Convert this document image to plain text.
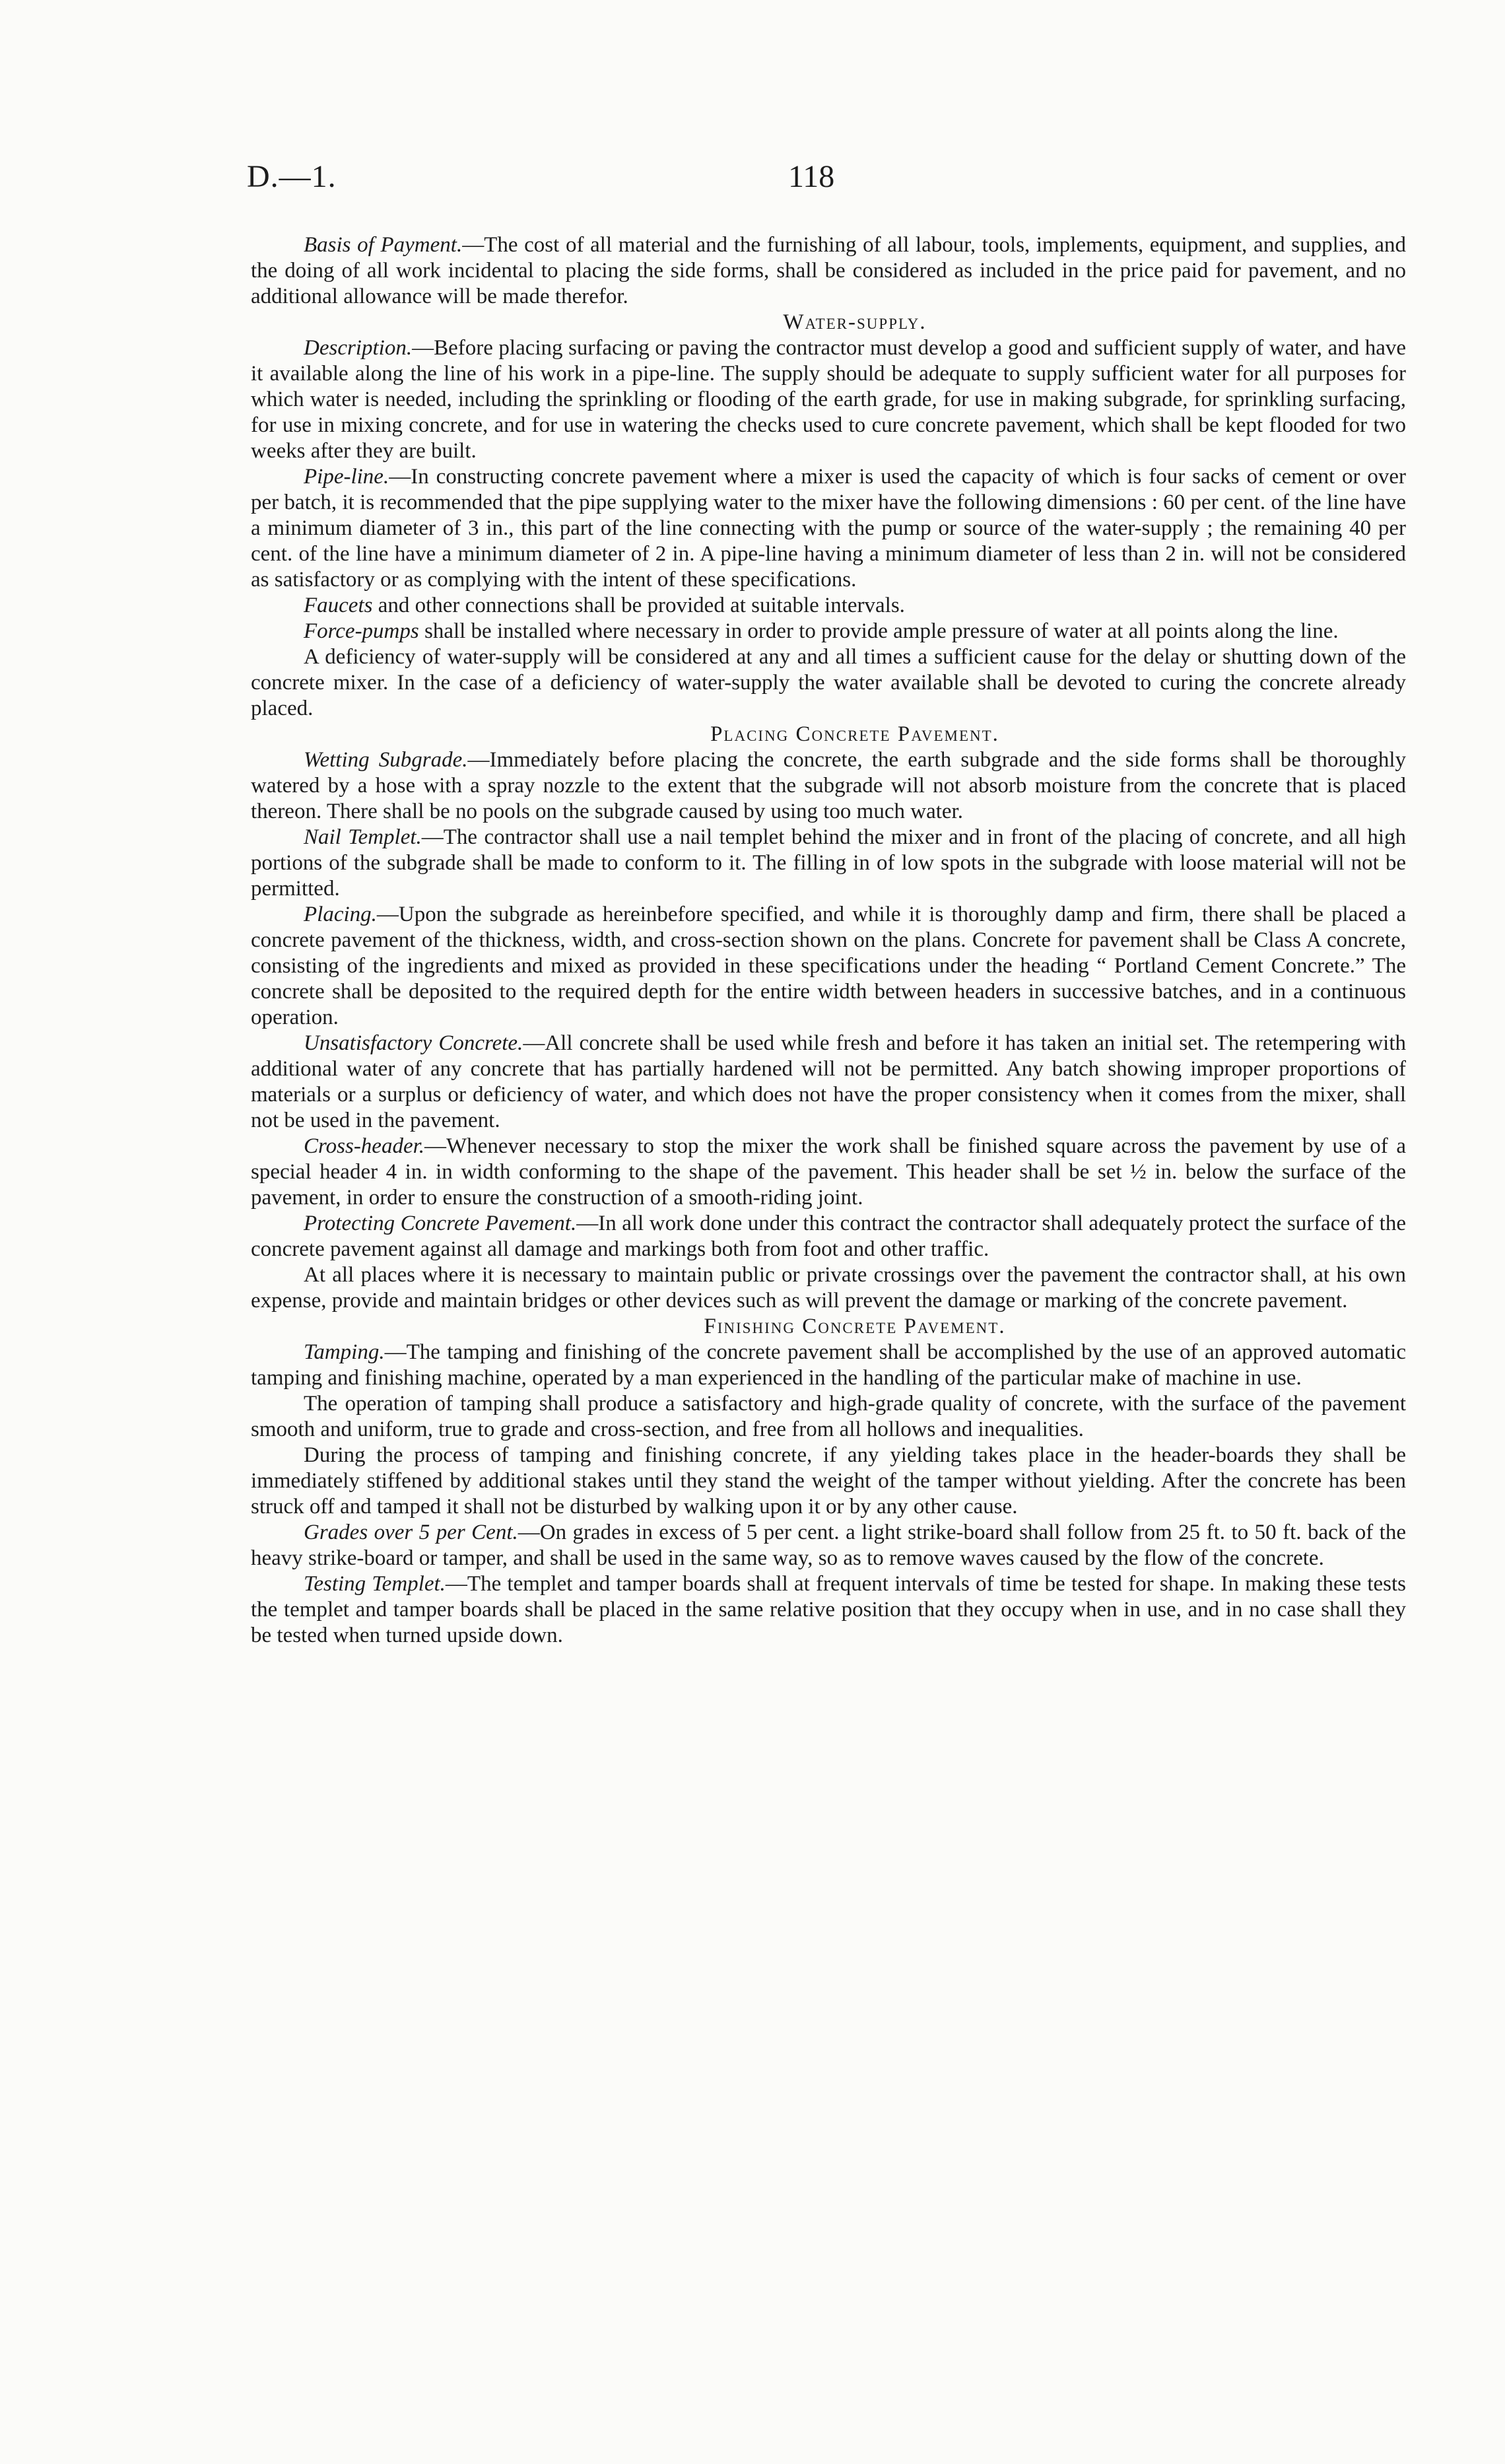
D.—1.	118

Basis of Payment.—The cost of all material and the furnishing of all labour, tools, implements, equipment, and supplies, and the doing of all work incidental to placing the side forms, shall be considered as included in the price paid for pavement, and no additional allowance will be made therefor.

Water-supply.

Description.—Before placing surfacing or paving the contractor must develop a good and sufficient supply of water, and have it available along the line of his work in a pipe-line. The supply should be adequate to supply sufficient water for all purposes for which water is needed, including the sprinkling or flooding of the earth grade, for use in making subgrade, for sprinkling surfacing, for use in mixing concrete, and for use in watering the checks used to cure concrete pavement, which shall be kept flooded for two weeks after they are built.

Pipe-line.—In constructing concrete pavement where a mixer is used the capacity of which is four sacks of cement or over per batch, it is recommended that the pipe supplying water to the mixer have the following dimensions : 60 per cent. of the line have a minimum diameter of 3 in., this part of the line connecting with the pump or source of the water-supply ; the remaining 40 per cent. of the line have a minimum diameter of 2 in. A pipe-line having a minimum diameter of less than 2 in. will not be considered as satisfactory or as complying with the intent of these specifications.

Faucets and other connections shall be provided at suitable intervals.

Force-pumps shall be installed where necessary in order to provide ample pressure of water at all points along the line.

A deficiency of water-supply will be considered at any and all times a sufficient cause for the delay or shutting down of the concrete mixer. In the case of a deficiency of water-supply the water available shall be devoted to curing the concrete already placed.

Placing Concrete Pavement.

Wetting Subgrade.—Immediately before placing the concrete, the earth subgrade and the side forms shall be thoroughly watered by a hose with a spray nozzle to the extent that the subgrade will not absorb moisture from the concrete that is placed thereon. There shall be no pools on the subgrade caused by using too much water.

Nail Templet.—The contractor shall use a nail templet behind the mixer and in front of the placing of concrete, and all high portions of the subgrade shall be made to conform to it. The filling in of low spots in the subgrade with loose material will not be permitted.

Placing.—Upon the subgrade as hereinbefore specified, and while it is thoroughly damp and firm, there shall be placed a concrete pavement of the thickness, width, and cross-section shown on the plans. Concrete for pavement shall be Class A concrete, consisting of the ingredients and mixed as provided in these specifications under the heading “ Portland Cement Concrete.” The concrete shall be deposited to the required depth for the entire width between headers in successive batches, and in a continuous operation.

Unsatisfactory Concrete.—All concrete shall be used while fresh and before it has taken an initial set. The retempering with additional water of any concrete that has partially hardened will not be permitted. Any batch showing improper proportions of materials or a surplus or deficiency of water, and which does not have the proper consistency when it comes from the mixer, shall not be used in the pavement.

Cross-header.—Whenever necessary to stop the mixer the work shall be finished square across the pavement by use of a special header 4 in. in width conforming to the shape of the pavement. This header shall be set ½ in. below the surface of the pavement, in order to ensure the construction of a smooth-riding joint.

Protecting Concrete Pavement.—In all work done under this contract the contractor shall adequately protect the surface of the concrete pavement against all damage and markings both from foot and other traffic.

At all places where it is necessary to maintain public or private crossings over the pavement the contractor shall, at his own expense, provide and maintain bridges or other devices such as will prevent the damage or marking of the concrete pavement.

Finishing Concrete Pavement.

Tamping.—The tamping and finishing of the concrete pavement shall be accomplished by the use of an approved automatic tamping and finishing machine, operated by a man experienced in the handling of the particular make of machine in use.

The operation of tamping shall produce a satisfactory and high-grade quality of concrete, with the surface of the pavement smooth and uniform, true to grade and cross-section, and free from all hollows and inequalities.

During the process of tamping and finishing concrete, if any yielding takes place in the header-boards they shall be immediately stiffened by additional stakes until they stand the weight of the tamper without yielding. After the concrete has been struck off and tamped it shall not be disturbed by walking upon it or by any other cause.

Grades over 5 per Cent.—On grades in excess of 5 per cent. a light strike-board shall follow from 25 ft. to 50 ft. back of the heavy strike-board or tamper, and shall be used in the same way, so as to remove waves caused by the flow of the concrete.

Testing Templet.—The templet and tamper boards shall at frequent intervals of time be tested for shape. In making these tests the templet and tamper boards shall be placed in the same relative position that they occupy when in use, and in no case shall they be tested when turned upside down.
